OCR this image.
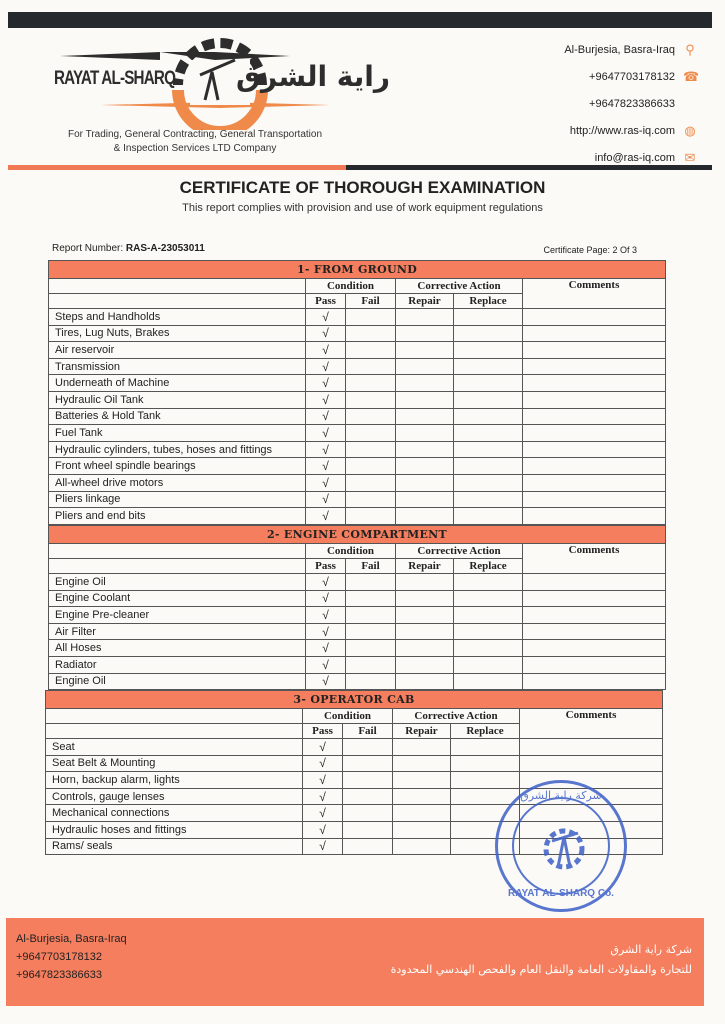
RAYAT AL-SHARQ راية الشرق
For Trading, General Contracting, General Transportation
& Inspection Services LTD Company
Al-Burjesia, Basra-Iraq ⚲
+9647703178132 ☎
+9647823386633
http://www.ras-iq.com ◍
info@ras-iq.com ✉
CERTIFICATE OF THOROUGH EXAMINATION
This report complies with provision and use of work equipment regulations
Report Number: RAS-A-23053011	Certificate Page: 2 Of 3
1- FROM GROUND					
	Condition		Corrective Action		Comments
	Pass	Fail	Repair	Replace	
Steps and Handholds	√				
Tires, Lug Nuts, Brakes	√				
Air reservoir	√				
Transmission	√				
Underneath of Machine	√				
Hydraulic Oil Tank	√				
Batteries & Hold Tank	√				
Fuel Tank	√				
Hydraulic cylinders, tubes, hoses and fittings	√				
Front wheel spindle bearings	√				
All-wheel drive motors	√				
Pliers linkage	√				
Pliers and end bits	√				
2- ENGINE COMPARTMENT					
	Condition		Corrective Action		Comments
	Pass	Fail	Repair	Replace	
Engine Oil	√				
Engine Coolant	√				
Engine Pre-cleaner	√				
Air Filter	√				
All Hoses	√				
Radiator	√				
Engine Oil	√				
3- OPERATOR CAB					
	Condition		Corrective Action		Comments
	Pass	Fail	Repair	Replace	
Seat	√				
Seat Belt & Mounting	√				
Horn, backup alarm, lights	√				
Controls, gauge lenses	√				
Mechanical connections	√				
Hydraulic hoses and fittings	√				
Rams/ seals	√				
شركة راية الشرق
RAYAT AL-SHARQ Co.
Al-Burjesia, Basra-Iraq
+9647703178132
+9647823386633
شركة راية الشرق
للتجارة والمقاولات العامة والنقل العام والفحص الهندسي المحدودة
